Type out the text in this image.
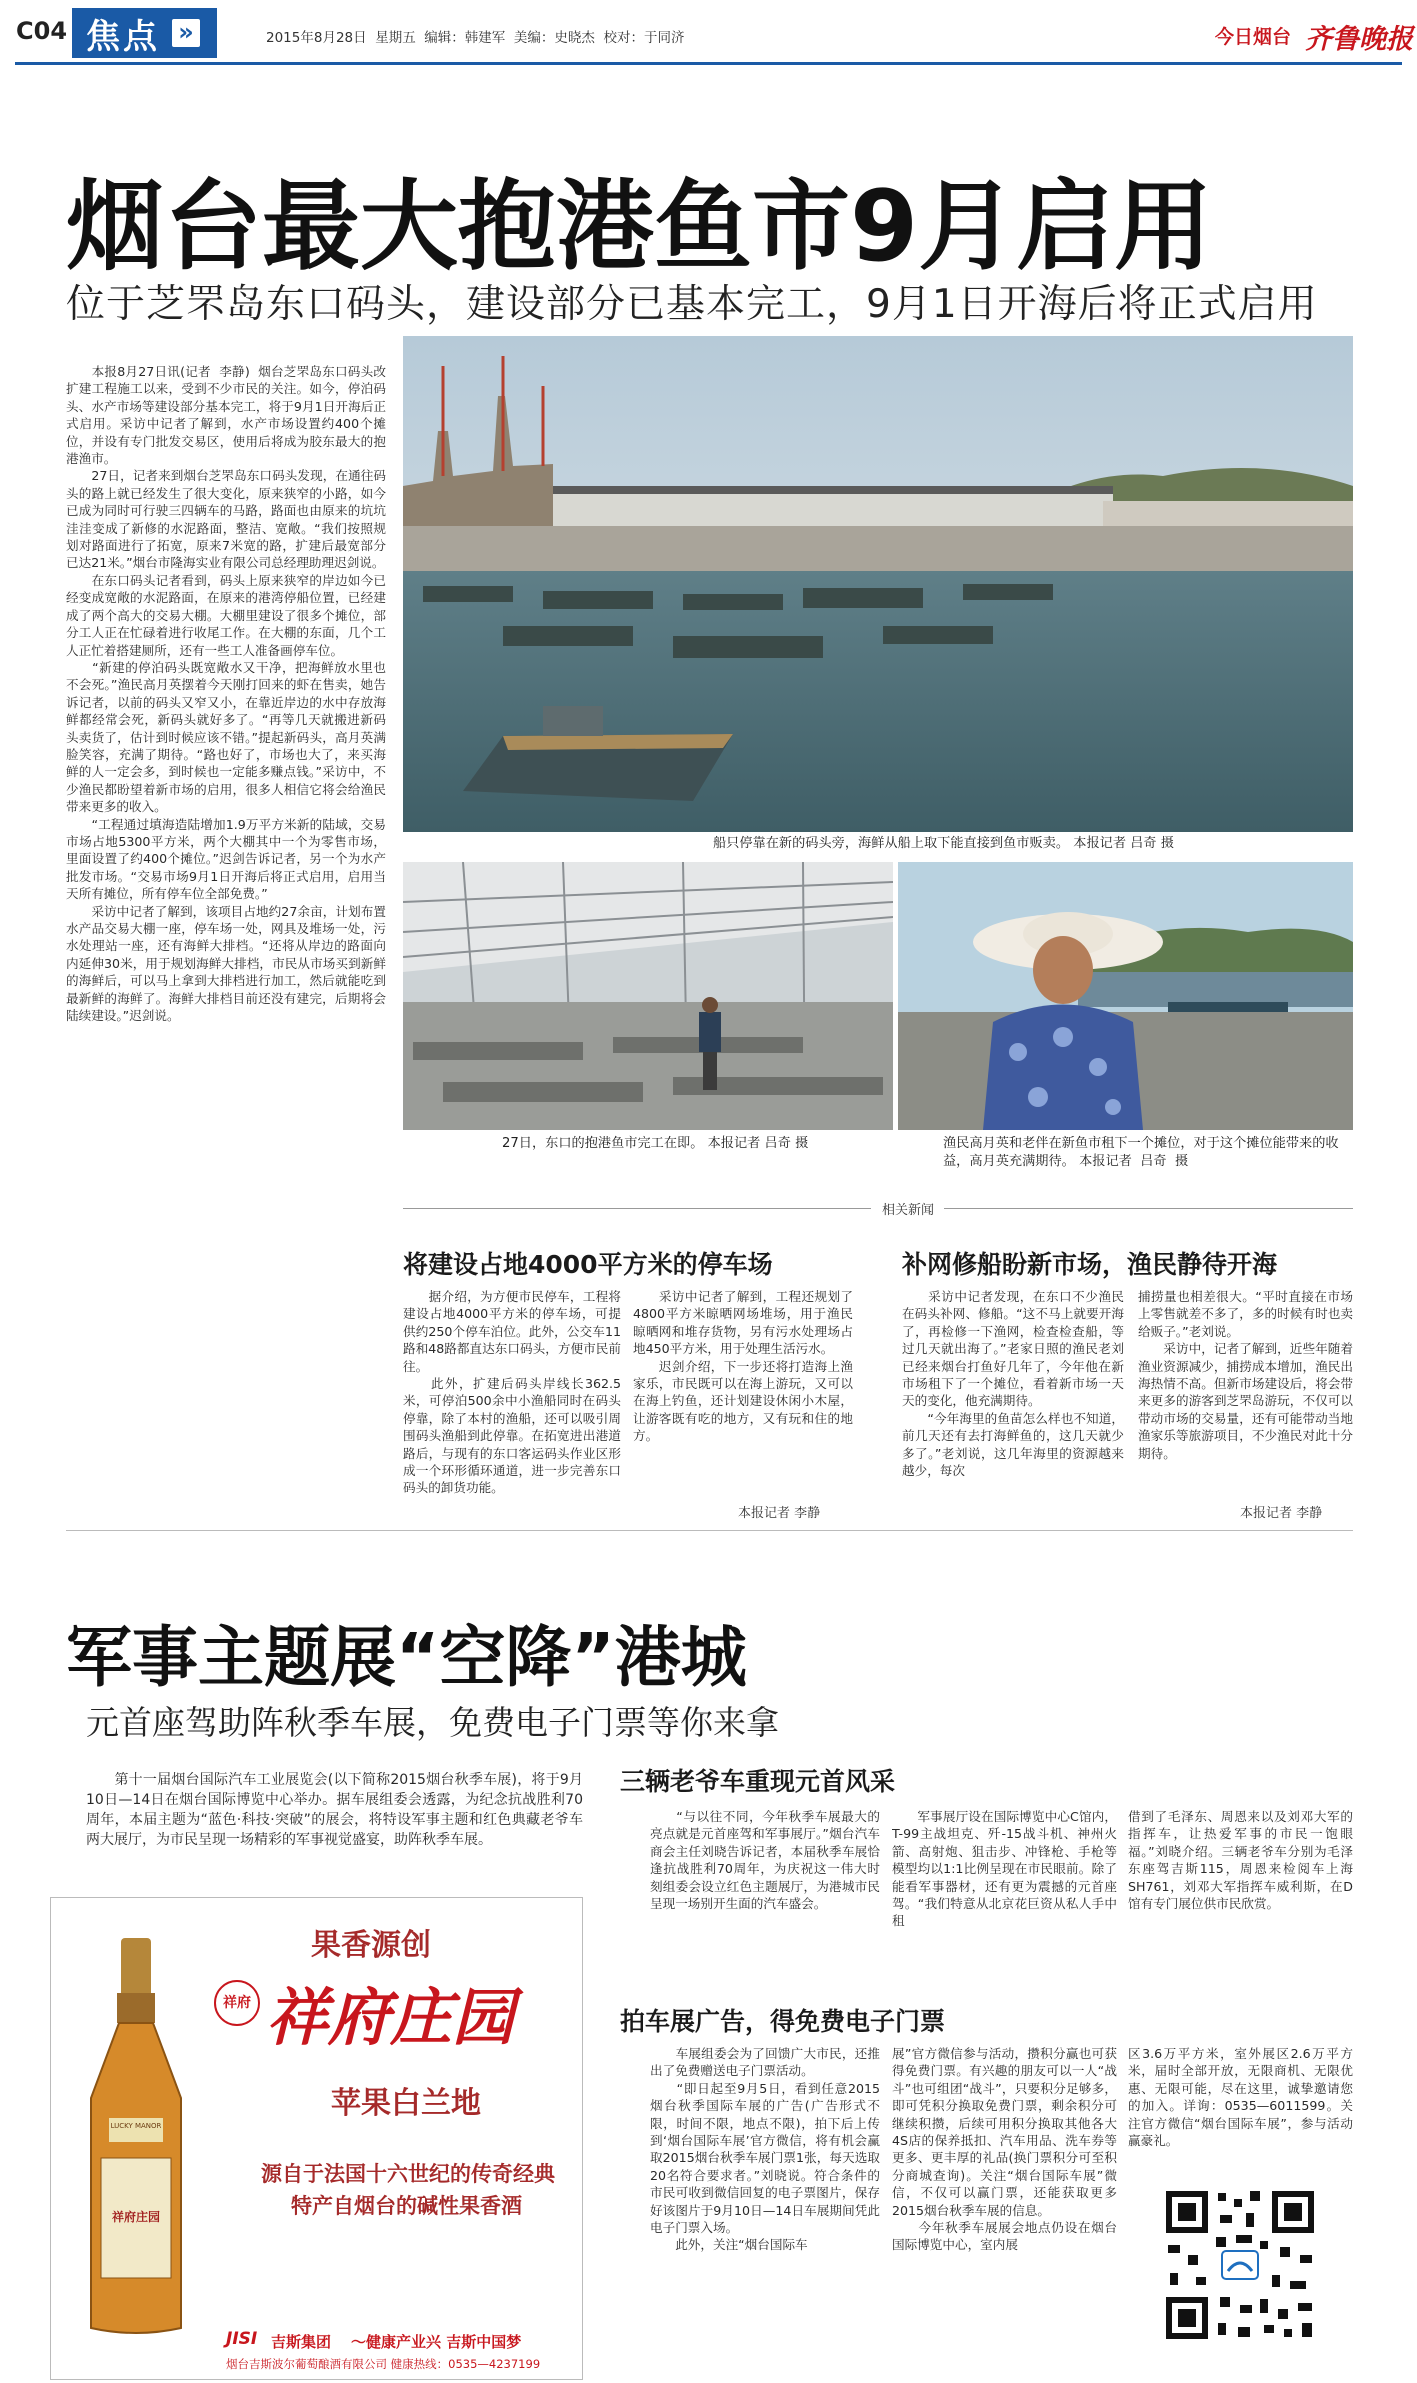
C04 焦点 »	2015年8月28日  星期五  编辑：韩建军  美编：史晓杰  校对：于同济	今日烟台 齐鲁晚报
烟台最大抱港鱼市9月启用
位于芝罘岛东口码头，建设部分已基本完工，9月1日开海后将正式启用
　　本报8月27日讯(记者  李静)  烟台芝罘岛东口码头改扩建工程施工以来，受到不少市民的关注。如今，停泊码头、水产市场等建设部分基本完工，将于9月1日开海后正式启用。采访中记者了解到，水产市场设置约400个摊位，并设有专门批发交易区，使用后将成为胶东最大的抱港渔市。
　　27日，记者来到烟台芝罘岛东口码头发现，在通往码头的路上就已经发生了很大变化，原来狭窄的小路，如今已成为同时可行驶三四辆车的马路，路面也由原来的坑坑洼洼变成了新修的水泥路面，整洁、宽敞。“我们按照规划对路面进行了拓宽，原来7米宽的路，扩建后最宽部分已达21米。”烟台市隆海实业有限公司总经理助理迟剑说。
　　在东口码头记者看到，码头上原来狭窄的岸边如今已经变成宽敞的水泥路面，在原来的港湾停船位置，已经建成了两个高大的交易大棚。大棚里建设了很多个摊位，部分工人正在忙碌着进行收尾工作。在大棚的东面，几个工人正忙着搭建厕所，还有一些工人准备画停车位。
　　“新建的停泊码头既宽敞水又干净，把海鲜放水里也不会死。”渔民高月英摆着今天刚打回来的虾在售卖，她告诉记者，以前的码头又窄又小，在靠近岸边的水中存放海鲜都经常会死，新码头就好多了。“再等几天就搬进新码头卖货了，估计到时候应该不错。”提起新码头，高月英满脸笑容，充满了期待。“路也好了，市场也大了，来买海鲜的人一定会多，到时候也一定能多赚点钱。”采访中，不少渔民都盼望着新市场的启用，很多人相信它将会给渔民带来更多的收入。
　　“工程通过填海造陆增加1.9万平方米新的陆域，交易市场占地5300平方米，两个大棚其中一个为零售市场，里面设置了约400个摊位。”迟剑告诉记者，另一个为水产批发市场。“交易市场9月1日开海后将正式启用，启用当天所有摊位，所有停车位全部免费。”
　　采访中记者了解到，该项目占地约27余亩，计划布置水产品交易大棚一座，停车场一处，网具及堆场一处，污水处理站一座，还有海鲜大排档。“还将从岸边的路面向内延伸30米，用于规划海鲜大排档，市民从市场买到新鲜的海鲜后，可以马上拿到大排档进行加工，然后就能吃到最新鲜的海鲜了。海鲜大排档目前还没有建完，后期将会陆续建设。”迟剑说。
船只停靠在新的码头旁，海鲜从船上取下能直接到鱼市贩卖。 本报记者 吕奇 摄
27日，东口的抱港鱼市完工在即。 本报记者 吕奇 摄	渔民高月英和老伴在新鱼市租下一个摊位，对于这个摊位能带来的收益，高月英充满期待。 本报记者  吕奇  摄
相关新闻
将建设占地4000平方米的停车场
　　据介绍，为方便市民停车，工程将建设占地4000平方米的停车场，可提供约250个停车泊位。此外，公交车11路和48路都直达东口码头，方便市民前往。
　　此外，扩建后码头岸线长362.5米，可停泊500余中小渔船同时在码头停靠，除了本村的渔船，还可以吸引周围码头渔船到此停靠。在拓宽进出港道路后，与现有的东口客运码头作业区形成一个环形循环通道，进一步完善东口码头的卸货功能。
　　采访中记者了解到，工程还规划了4800平方米晾晒网场堆场，用于渔民晾晒网和堆存货物，另有污水处理场占地450平方米，用于处理生活污水。
　　迟剑介绍，下一步还将打造海上渔家乐，市民既可以在海上游玩，又可以在海上钓鱼，还计划建设休闲小木屋，让游客既有吃的地方，又有玩和住的地方。
本报记者 李静
补网修船盼新市场，渔民静待开海
　　采访中记者发现，在东口不少渔民在码头补网、修船。“这不马上就要开海了，再检修一下渔网，检查检查船，等过几天就出海了。”老家日照的渔民老刘已经来烟台打鱼好几年了，今年他在新市场租下了一个摊位，看着新市场一天天的变化，他充满期待。
　　“今年海里的鱼苗怎么样也不知道，前几天还有去打海鲜鱼的，这几天就少多了。”老刘说，这几年海里的资源越来越少，每次
捕捞量也相差很大。“平时直接在市场上零售就差不多了，多的时候有时也卖给贩子。”老刘说。
　　采访中，记者了解到，近些年随着渔业资源减少，捕捞成本增加，渔民出海热情不高。但新市场建设后，将会带来更多的游客到芝罘岛游玩，不仅可以带动市场的交易量，还有可能带动当地渔家乐等旅游项目，不少渔民对此十分期待。
本报记者 李静
军事主题展“空降”港城
元首座驾助阵秋季车展，免费电子门票等你来拿
　　第十一届烟台国际汽车工业展览会(以下简称2015烟台秋季车展)，将于9月10日—14日在烟台国际博览中心举办。据车展组委会透露，为纪念抗战胜利70周年，本届主题为“蓝色·科技·突破”的展会，将特设军事主题和红色典藏老爷车两大展厅，为市民呈现一场精彩的军事视觉盛宴，助阵秋季车展。
LUCKY MANOR
祥府庄园
果香源创
祥府 祥府庄园
苹果白兰地
源自于法国十六世纪的传奇经典
特产自烟台的碱性果香酒
JISI 吉斯集团 ～健康产业兴 吉斯中国梦
烟台吉斯波尔葡萄酿酒有限公司 健康热线：0535—4237199
三辆老爷车重现元首风采
　　“与以往不同，今年秋季车展最大的亮点就是元首座驾和军事展厅。”烟台汽车商会主任刘晓告诉记者，本届秋季车展恰逢抗战胜利70周年，为庆祝这一伟大时刻组委会设立红色主题展厅，为港城市民呈现一场别开生面的汽车盛会。
　　军事展厅设在国际博览中心C馆内，T-99主战坦克、歼-15战斗机、神州火箭、高射炮、狙击步、冲锋枪、手枪等模型均以1:1比例呈现在市民眼前。除了能看军事器材，还有更为震撼的元首座驾。“我们特意从北京花巨资从私人手中租
借到了毛泽东、周恩来以及刘邓大军的指挥车，让热爱军事的市民一饱眼福。”刘晓介绍。三辆老爷车分别为毛泽东座驾吉斯115，周恩来检阅车上海SH761，刘邓大军指挥车威利斯，在D馆有专门展位供市民欣赏。
拍车展广告，得免费电子门票
　　车展组委会为了回馈广大市民，还推出了免费赠送电子门票活动。
　　“即日起至9月5日，看到任意2015烟台秋季国际车展的广告(广告形式不限，时间不限，地点不限)，拍下后上传到‘烟台国际车展’官方微信，将有机会赢取2015烟台秋季车展门票1张，每天选取20名符合要求者。”刘晓说。符合条件的市民可收到微信回复的电子票图片，保存好该图片于9月10日—14日车展期间凭此电子门票入场。
　　此外，关注“烟台国际车
展”官方微信参与活动，攒积分赢也可获得免费门票。有兴趣的朋友可以一人“战斗”也可组团“战斗”，只要积分足够多，即可凭积分换取免费门票，剩余积分可继续积攒，后续可用积分换取其他各大4S店的保养抵扣、汽车用品、洗车券等更多、更丰厚的礼品(换门票积分可至积分商城查询)。关注“烟台国际车展”微信，不仅可以赢门票，还能获取更多2015烟台秋季车展的信息。
　　今年秋季车展展会地点仍设在烟台国际博览中心，室内展
区3.6万平方米，室外展区2.6万平方米，届时全部开放，无限商机、无限优惠、无限可能，尽在这里，诚挚邀请您的加入。详询：0535—6011599。关注官方微信“烟台国际车展”，参与活动赢豪礼。
